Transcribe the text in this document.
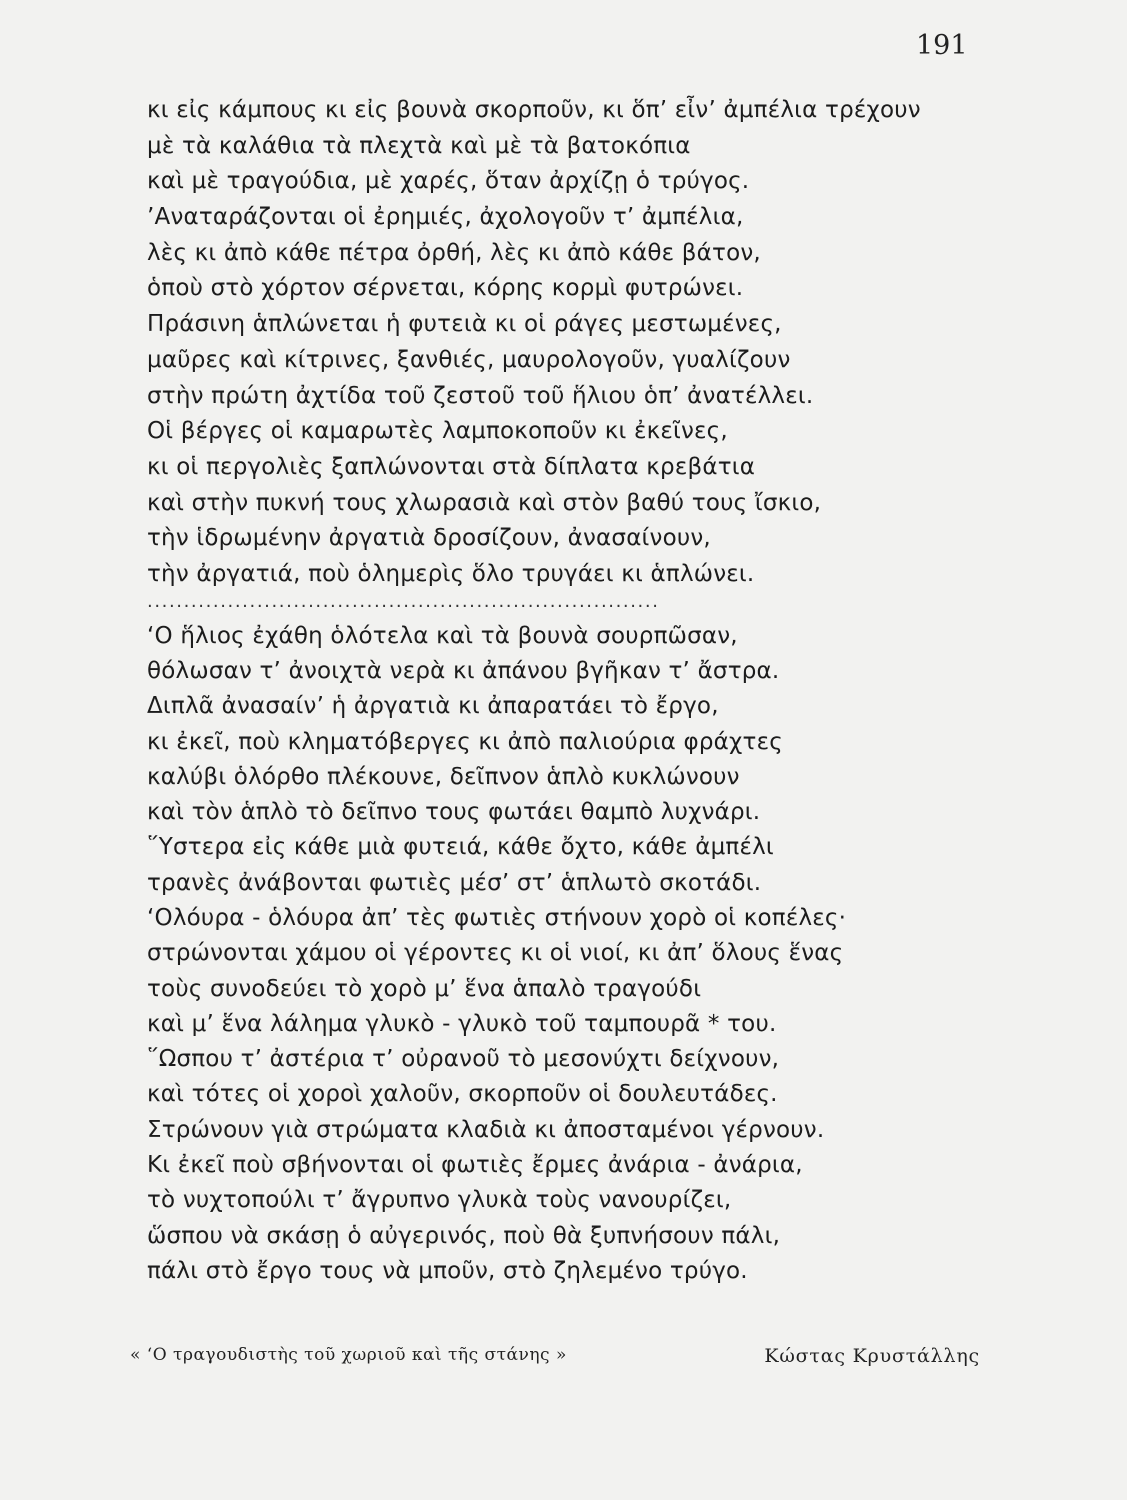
191
κι εἰς κάμπους κι εἰς βουνὰ σκορποῦν, κι ὅπ’ εἶν’ ἀμπέλια τρέχουν
μὲ τὰ καλάθια τὰ πλεχτὰ καὶ μὲ τὰ βατοκόπια
καὶ μὲ τραγούδια, μὲ χαρές, ὅταν ἀρχίζῃ ὁ τρύγος.
’Αναταράζονται οἱ ἐρημιές, ἀχολογοῦν τ’ ἀμπέλια,
λὲς κι ἀπὸ κάθε πέτρα ὀρθή, λὲς κι ἀπὸ κάθε βάτον,
ὁποὺ στὸ χόρτον σέρνεται, κόρης κορμὶ φυτρώνει.
Πράσινη ἁπλώνεται ἡ φυτειὰ κι οἱ ράγες μεστωμένες,
μαῦρες καὶ κίτρινες, ξανθιές, μαυρολογοῦν, γυαλίζουν
στὴν πρώτη ἀχτίδα τοῦ ζεστοῦ τοῦ ἥλιου ὁπ’ ἀνατέλλει.
Οἱ βέργες οἱ καμαρωτὲς λαμποκοποῦν κι ἐκεῖνες,
κι οἱ περγολιὲς ξαπλώνονται στὰ δίπλατα κρεβάτια
καὶ στὴν πυκνή τους χλωρασιὰ καὶ στὸν βαθύ τους ἴσκιο,
τὴν ἱδρωμένην ἀργατιὰ δροσίζουν, ἀνασαίνουν,
τὴν ἀργατιά, ποὺ ὁλημερὶς ὅλο τρυγάει κι ἁπλώνει.
......................................................................
‘Ο ἥλιος ἐχάθη ὁλότελα καὶ τὰ βουνὰ σουρπῶσαν,
θόλωσαν τ’ ἀνοιχτὰ νερὰ κι ἀπάνου βγῆκαν τ’ ἄστρα.
Διπλᾶ ἀνασαίν’ ἡ ἀργατιὰ κι ἀπαρατάει τὸ ἔργο,
κι ἐκεῖ, ποὺ κληματόβεργες κι ἀπὸ παλιούρια φράχτες
καλύβι ὁλόρθο πλέκουνε, δεῖπνον ἁπλὸ κυκλώνουν
καὶ τὸν ἁπλὸ τὸ δεῖπνο τους φωτάει θαμπὸ λυχνάρι.
῞Υστερα εἰς κάθε μιὰ φυτειά, κάθε ὄχτο, κάθε ἀμπέλι
τρανὲς ἀνάβονται φωτιὲς μέσ’ στ’ ἁπλωτὸ σκοτάδι.
‘Ολόυρα - ὁλόυρα ἀπ’ τὲς φωτιὲς στήνουν χορὸ οἱ κοπέλες·
στρώνονται χάμου οἱ γέροντες κι οἱ νιοί, κι ἀπ’ ὅλους ἕνας
τοὺς συνοδεύει τὸ χορὸ μ’ ἕνα ἁπαλὸ τραγούδι
καὶ μ’ ἕνα λάλημα γλυκὸ - γλυκὸ τοῦ ταμπουρᾶ * του.
῞Ωσπου τ’ ἀστέρια τ’ οὐρανοῦ τὸ μεσονύχτι δείχνουν,
καὶ τότες οἱ χοροὶ χαλοῦν, σκορποῦν οἱ δουλευτάδες.
Στρώνουν γιὰ στρώματα κλαδιὰ κι ἀποσταμένοι γέρνουν.
Κι ἐκεῖ ποὺ σβήνονται οἱ φωτιὲς ἔρμες ἀνάρια - ἀνάρια,
τὸ νυχτοπούλι τ’ ἄγρυπνο γλυκὰ τοὺς νανουρίζει,
ὥσπου νὰ σκάσῃ ὁ αὐγερινός, ποὺ θὰ ξυπνήσουν πάλι,
πάλι στὸ ἔργο τους νὰ μποῦν, στὸ ζηλεμένο τρύγο.
« ‘Ο τραγουδιστὴς τοῦ χωριοῦ καὶ τῆς στάνης »	Κώστας Κρυστάλλης
